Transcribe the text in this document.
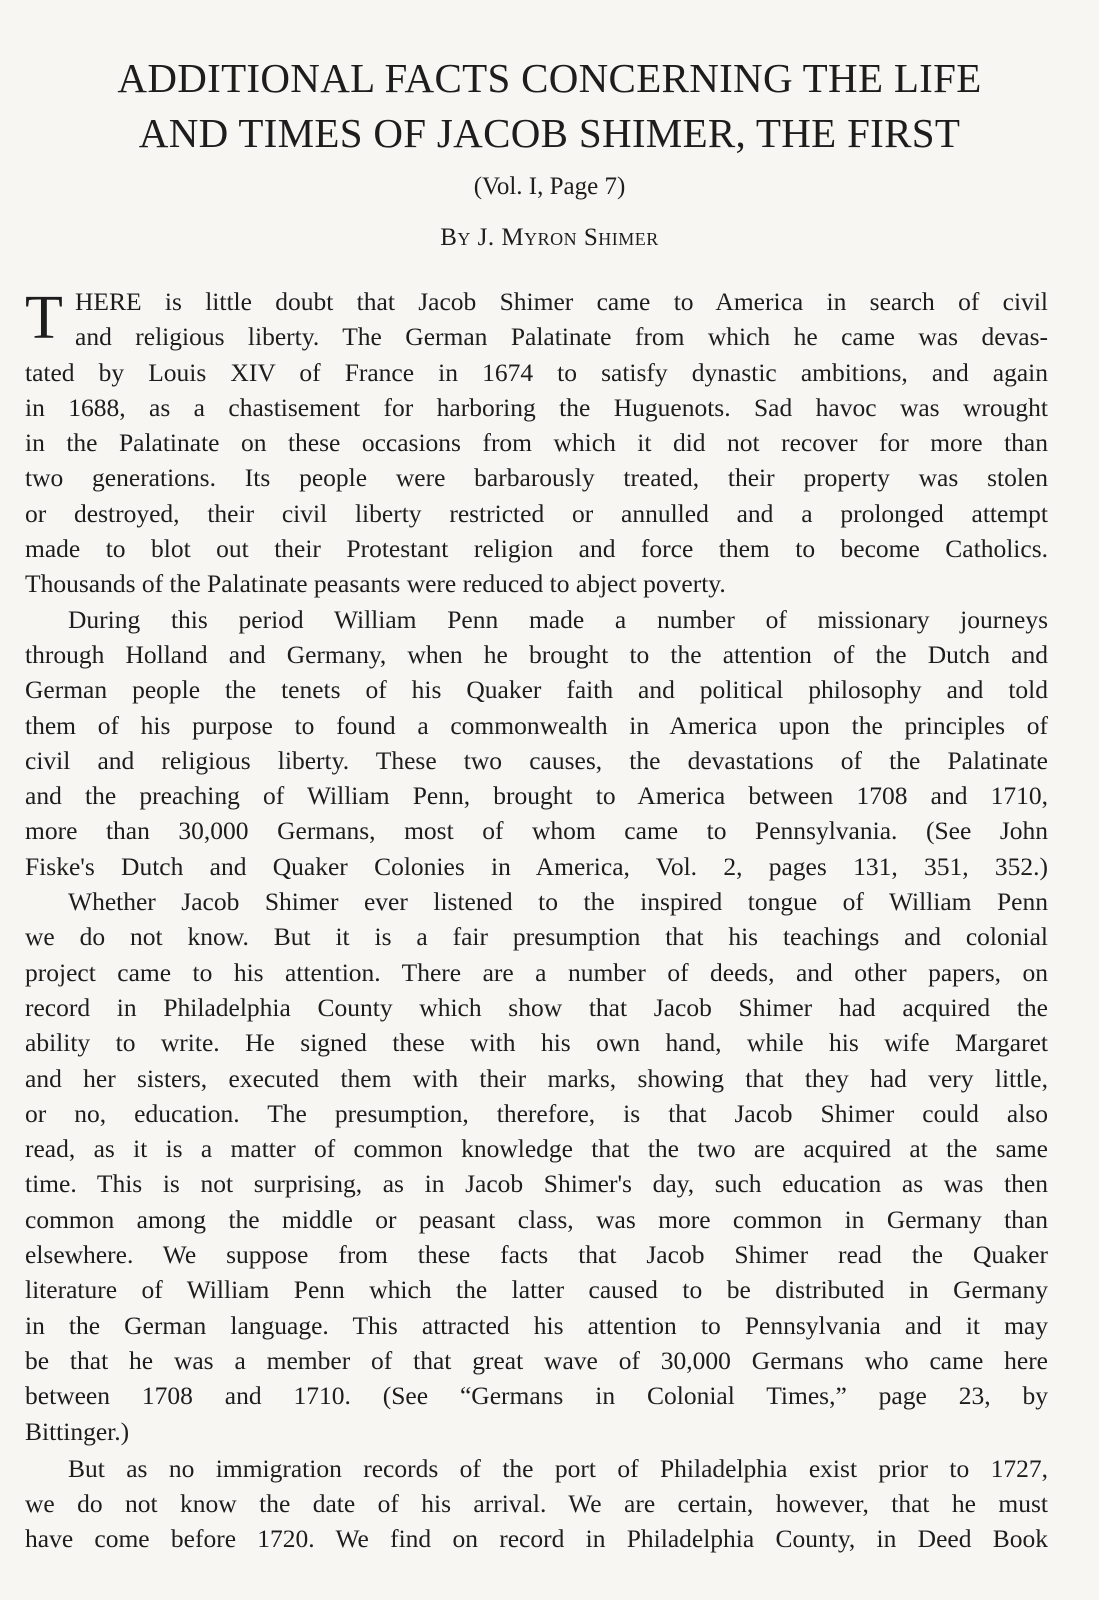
ADDITIONAL FACTS CONCERNING THE LIFE
AND TIMES OF JACOB SHIMER, THE FIRST
(Vol. I, Page 7)
By J. Myron Shimer
T HERE is little doubt that Jacob Shimer came to America in search of civil
and religious liberty. The German Palatinate from which he came was devas-
tated by Louis XIV of France in 1674 to satisfy dynastic ambitions, and again
in 1688, as a chastisement for harboring the Huguenots. Sad havoc was wrought
in the Palatinate on these occasions from which it did not recover for more than
two generations. Its people were barbarously treated, their property was stolen
or destroyed, their civil liberty restricted or annulled and a prolonged attempt
made to blot out their Protestant religion and force them to become Catholics.
Thousands of the Palatinate peasants were reduced to abject poverty.
During this period William Penn made a number of missionary journeys
through Holland and Germany, when he brought to the attention of the Dutch and
German people the tenets of his Quaker faith and political philosophy and told
them of his purpose to found a commonwealth in America upon the principles of
civil and religious liberty. These two causes, the devastations of the Palatinate
and the preaching of William Penn, brought to America between 1708 and 1710,
more than 30,000 Germans, most of whom came to Pennsylvania. (See John
Fiske's Dutch and Quaker Colonies in America, Vol. 2, pages 131, 351, 352.)
Whether Jacob Shimer ever listened to the inspired tongue of William Penn
we do not know. But it is a fair presumption that his teachings and colonial
project came to his attention. There are a number of deeds, and other papers, on
record in Philadelphia County which show that Jacob Shimer had acquired the
ability to write. He signed these with his own hand, while his wife Margaret
and her sisters, executed them with their marks, showing that they had very little,
or no, education. The presumption, therefore, is that Jacob Shimer could also
read, as it is a matter of common knowledge that the two are acquired at the same
time. This is not surprising, as in Jacob Shimer's day, such education as was then
common among the middle or peasant class, was more common in Germany than
elsewhere. We suppose from these facts that Jacob Shimer read the Quaker
literature of William Penn which the latter caused to be distributed in Germany
in the German language. This attracted his attention to Pennsylvania and it may
be that he was a member of that great wave of 30,000 Germans who came here
between 1708 and 1710. (See “Germans in Colonial Times,” page 23, by
Bittinger.)
But as no immigration records of the port of Philadelphia exist prior to 1727,
we do not know the date of his arrival. We are certain, however, that he must
have come before 1720. We find on record in Philadelphia County, in Deed Book
